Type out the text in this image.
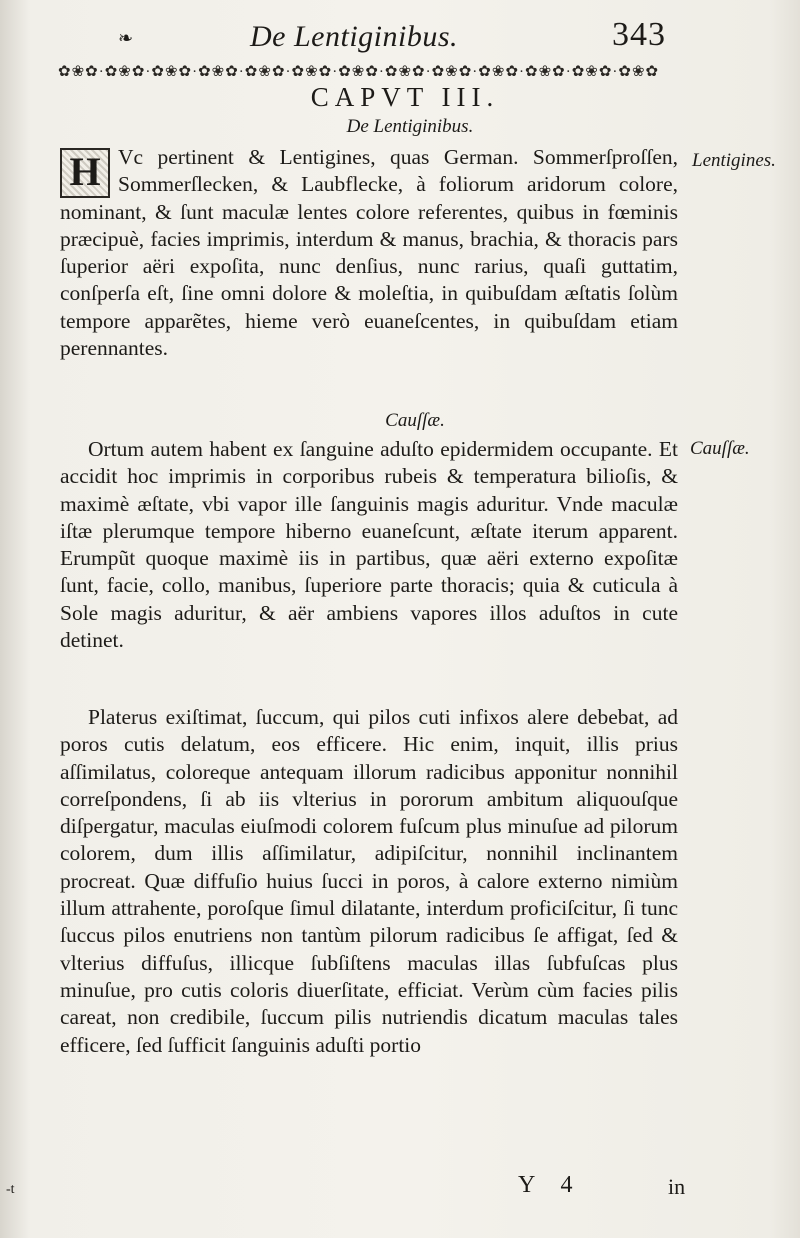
❧	De Lentiginibus.	343
✿❀✿·✿❀✿·✿❀✿·✿❀✿·✿❀✿·✿❀✿·✿❀✿·✿❀✿·✿❀✿·✿❀✿·✿❀✿·✿❀✿·✿❀✿
CAPVT III.
De Lentiginibus.
H Vc pertinent & Lentigines, quas German. Sommerſproſſen, Sommerſlecken, & Laubflecke, à foliorum aridorum colore, nominant, & ſunt maculæ lentes colore referentes, quibus in fœminis præcipuè, facies imprimis, interdum & manus, brachia, & thoracis pars ſuperior aëri expoſita, nunc denſius, nunc rarius, quaſi guttatim, conſperſa eſt, ſine omni dolore & moleſtia, in quibuſdam æſtatis ſolùm tempore apparẽtes, hieme verò euaneſcentes, in quibuſdam etiam perennantes.

Cauſſæ.

Ortum autem habent ex ſanguine aduſto epidermidem occupante. Et accidit hoc imprimis in corporibus rubeis & temperatura bilioſis, & maximè æſtate, vbi vapor ille ſanguinis magis aduritur. Vnde maculæ iſtæ plerumque tempore hiberno euaneſcunt, æſtate iterum apparent. Erumpũt quoque maximè iis in partibus, quæ aëri externo expoſitæ ſunt, facie, collo, manibus, ſuperiore parte thoracis; quia & cuticula à Sole magis aduritur, & aër ambiens vapores illos aduſtos in cute detinet.

Platerus exiſtimat, ſuccum, qui pilos cuti infixos alere debebat, ad poros cutis delatum, eos efficere. Hic enim, inquit, illis prius aſſimilatus, coloreque antequam illorum radicibus apponitur nonnihil correſpondens, ſi ab iis vlterius in pororum ambitum aliquouſque diſpergatur, maculas eiuſmodi colorem fuſcum plus minuſue ad pilorum colorem, dum illis aſſimilatur, adipiſcitur, nonnihil inclinantem procreat. Quæ diffuſio huius ſucci in poros, à calore externo nimiùm illum attrahente, poroſque ſimul dilatante, interdum proficiſcitur, ſi tunc ſuccus pilos enutriens non tantùm pilorum radicibus ſe affigat, ſed & vlterius diffuſus, illicque ſubſiſtens maculas illas ſubfuſcas plus minuſue, pro cutis coloris diuerſitate, efficiat. Verùm cùm facies pilis careat, non credibile, ſuccum pilis nutriendis dicatum maculas tales efficere, ſed ſufficit ſanguinis aduſti portio

Lentigines.
Cauſſæ.
-t	Y 4	in
